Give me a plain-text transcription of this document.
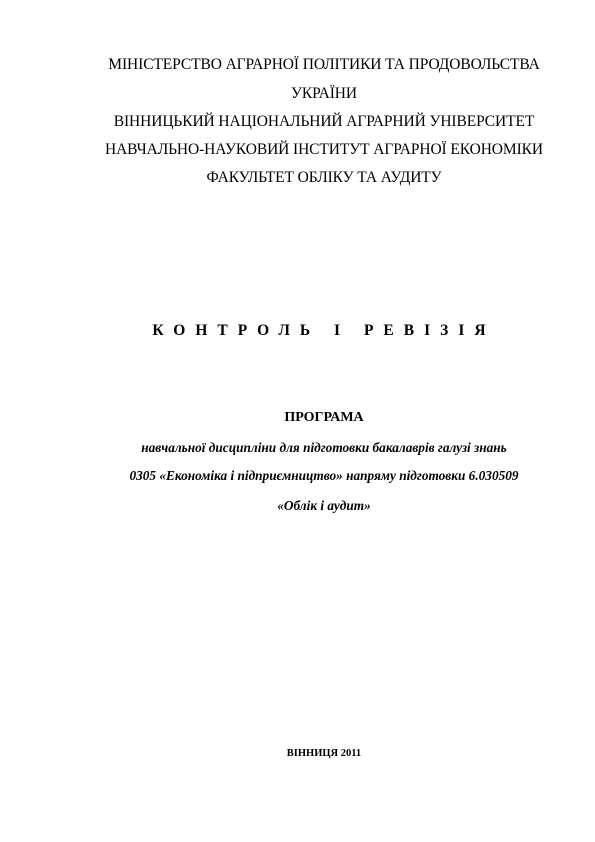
МІНІСТЕРСТВО АГРАРНОЇ ПОЛІТИКИ ТА ПРОДОВОЛЬСТВА
УКРАЇНИ
ВІННИЦЬКИЙ НАЦІОНАЛЬНИЙ АГРАРНИЙ УНІВЕРСИТЕТ
НАВЧАЛЬНО-НАУКОВИЙ ІНСТИТУТ АГРАРНОЇ ЕКОНОМІКИ
ФАКУЛЬТЕТ ОБЛІКУ ТА АУДИТУ
КОНТРОЛЬ І РЕВІЗІЯ
ПРОГРАМА
навчальної дисципліни для підготовки бакалаврів галузі знань
0305 «Економіка і підприємництво» напряму підготовки 6.030509
«Облік і аудит»
ВІННИЦЯ 2011
